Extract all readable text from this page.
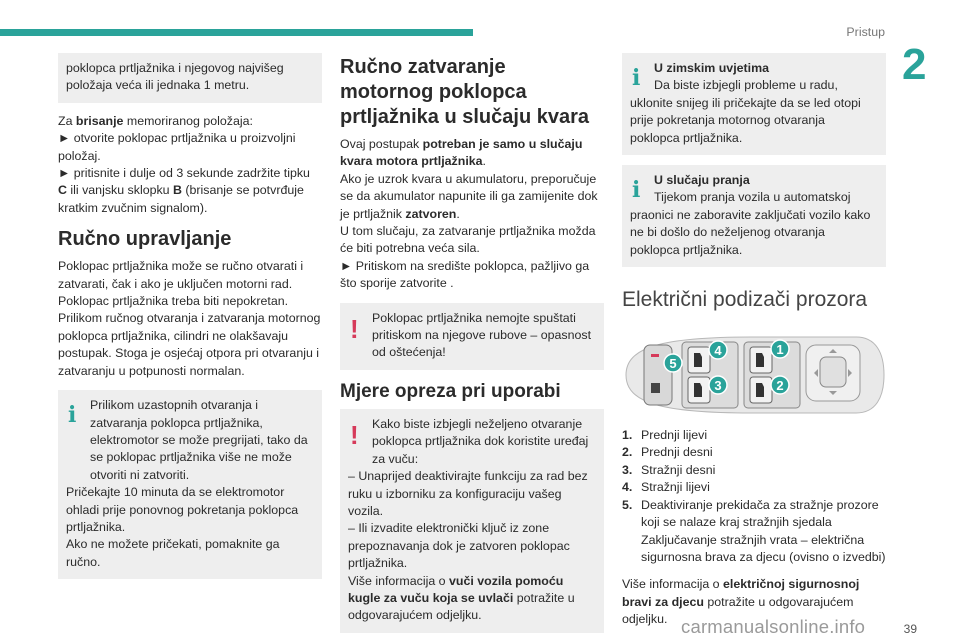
Pristup
2
poklopca prtljažnika i njegovog najvišeg položaja veća ili jednaka 1 metru.

Za brisanje memoriranog položaja:
► otvorite poklopac prtljažnika u proizvoljni položaj.
► pritisnite i dulje od 3 sekunde zadržite tipku
C ili vanjsku sklopku B (brisanje se potvrđuje kratkim zvučnim signalom).

Ručno upravljanje

Poklopac prtljažnika može se ručno otvarati i zatvarati, čak i ako je uključen motorni rad. Poklopac prtljažnika treba biti nepokretan. Prilikom ručnog otvaranja i zatvaranja motornog poklopca prtljažnika, cilindri ne olakšavaju postupak. Stoga je osjećaj otpora pri otvaranju i zatvaranju u potpunosti normalan.

i	Prilikom uzastopnih otvaranja i zatvaranja poklopca prtljažnika, elektromotor se može pregrijati, tako da se poklopac prtljažnika više ne može otvoriti ni zatvoriti.
Pričekajte 10 minuta da se elektromotor ohladi prije ponovnog pokretanja poklopca prtljažnika.
Ako ne možete pričekati, pomaknite ga ručno.
Ručno zatvaranje motornog poklopca prtljažnika u slučaju kvara

Ovaj postupak potreban je samo u slučaju kvara motora prtljažnika.
Ako je uzrok kvara u akumulatoru, preporučuje se da akumulator napunite ili ga zamijenite dok je prtljažnik zatvoren.
U tom slučaju, za zatvaranje prtljažnika možda će biti potrebna veća sila.
► Pritiskom na središte poklopca, pažljivo ga što sporije zatvorite .

!	Poklopac prtljažnika nemojte spuštati pritiskom na njegove rubove – opasnost od oštećenja!
Mjere opreza pri uporabi
!	Kako biste izbjegli neželjeno otvaranje poklopca prtljažnika dok koristite uređaj za vuču:
– Unaprijed deaktivirajte funkciju za rad bez ruku u izborniku za konfiguraciju vašeg vozila.
– Ili izvadite elektronički ključ iz zone prepoznavanja dok je zatvoren poklopac prtljažnika.
Više informacija o vuči vozila pomoću kugle za vuču koja se uvlači potražite u odgovarajućem odjeljku.
i	U zimskim uvjetima
Da biste izbjegli probleme u radu, uklonite snijeg ili pričekajte da se led otopi prije pokretanja motornog otvaranja poklopca prtljažnika.
i	U slučaju pranja
Tijekom pranja vozila u automatskoj praonici ne zaboravite zaključati vozilo kako ne bi došlo do neželjenog otvaranja poklopca prtljažnika.
Električni podizači prozora
1
2
3
4
5
1. Prednji lijevi
2. Prednji desni
3. Stražnji desni
4. Stražnji lijevi
5. Deaktiviranje prekidača za stražnje prozore koji se nalaze kraj stražnjih sjedala Zaključavanje stražnjih vrata – električna sigurnosna brava za djecu (ovisno o izvedbi)

Više informacija o električnoj sigurnosnoj bravi za djecu potražite u odgovarajućem odjeljku. carmanualsonline.info	39
